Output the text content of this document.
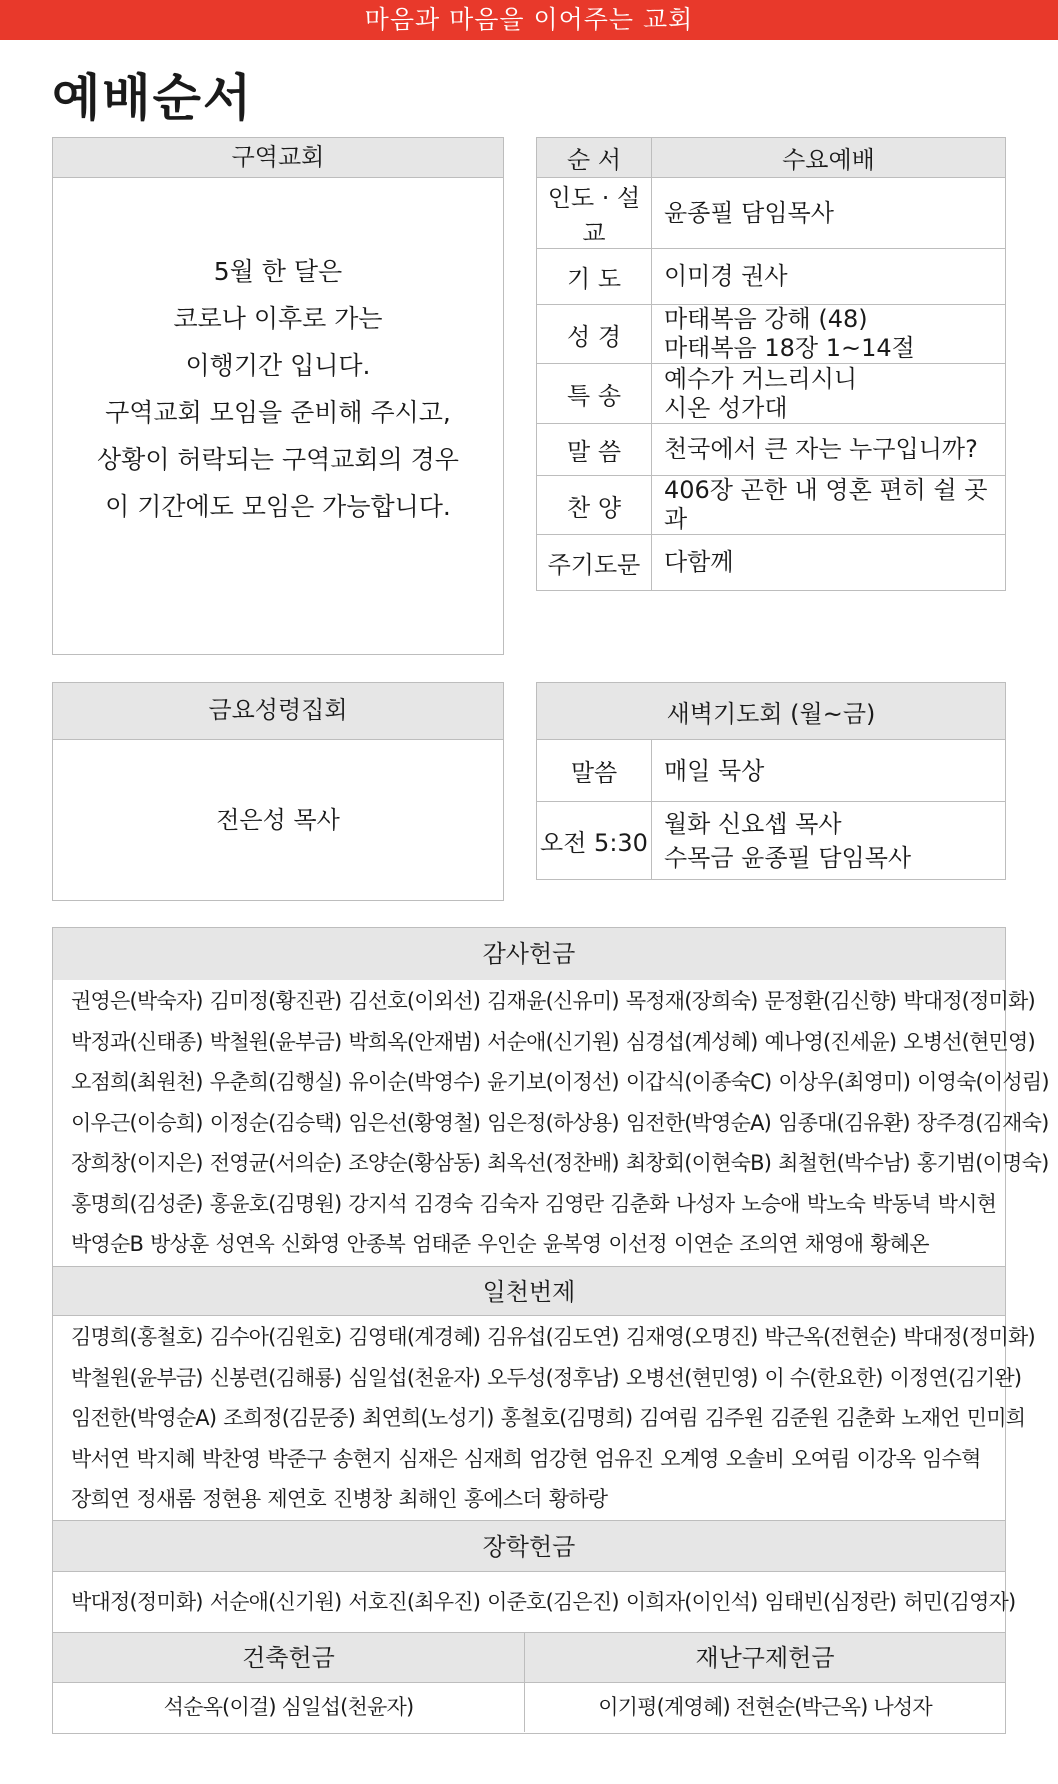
마음과 마음을 이어주는 교회
예배순서
구역교회
5월 한 달은
코로나 이후로 가는
이행기간 입니다.
구역교회 모임을 준비해 주시고,
상황이 허락되는 구역교회의 경우
이 기간에도 모임은 가능합니다.
순 서	수요예배
인도 · 설교	윤종필 담임목사

기 도	이미경 권사

성 경	마태복음 강해 (48)
마태복음 18장 1~14절

특 송	예수가 거느리시니
시온 성가대

말 씀	천국에서 큰 자는 누구입니까?

찬 양	406장 곤한 내 영혼 편히 쉴 곳과

주기도문	다함께
금요성령집회
전은성 목사
새벽기도회 (월~금)	
말씀	매일 묵상

오전 5:30	월화 신요셉 목사
수목금 윤종필 담임목사
감사헌금
권영은(박숙자) 김미정(황진관) 김선호(이외선) 김재윤(신유미) 목정재(장희숙) 문정환(김신향) 박대정(정미화)
박정과(신태종) 박철원(윤부금) 박희옥(안재범) 서순애(신기원) 심경섭(계성혜) 예나영(진세윤) 오병선(현민영)
오점희(최원천) 우춘희(김행실) 유이순(박영수) 윤기보(이정선) 이갑식(이종숙C) 이상우(최영미) 이영숙(이성림)
이우근(이승희) 이정순(김승택) 임은선(황영철) 임은정(하상용) 임전한(박영순A) 임종대(김유환) 장주경(김재숙)
장희창(이지은) 전영균(서의순) 조양순(황삼동) 최옥선(정찬배) 최창회(이현숙B) 최철헌(박수남) 홍기범(이명숙)
홍명희(김성준) 홍윤호(김명원) 강지석 김경숙 김숙자 김영란 김춘화 나성자 노승애 박노숙 박동녁 박시현
박영순B 방상훈 성연옥 신화영 안종복 엄태준 우인순 윤복영 이선정 이연순 조의연 채영애 황혜온
일천번제
김명희(홍철호) 김수아(김원호) 김영태(계경혜) 김유섭(김도연) 김재영(오명진) 박근옥(전현순) 박대정(정미화)
박철원(윤부금) 신봉련(김해룡) 심일섭(천윤자) 오두성(정후남) 오병선(현민영) 이 수(한요한) 이정연(김기완)
임전한(박영순A) 조희정(김문중) 최연희(노성기) 홍철호(김명희) 김여림 김주원 김준원 김춘화 노재언 민미희
박서연 박지혜 박찬영 박준구 송현지 심재은 심재희 엄강현 엄유진 오계영 오솔비 오여림 이강옥 임수혁
장희연 정새롬 정현용 제연호 진병창 최해인 홍에스더 황하랑
장학헌금
박대정(정미화) 서순애(신기원) 서호진(최우진) 이준호(김은진) 이희자(이인석) 임태빈(심정란) 허민(김영자)
건축헌금
석순옥(이걸) 심일섭(천윤자)
재난구제헌금
이기평(계영혜) 전현순(박근옥) 나성자
